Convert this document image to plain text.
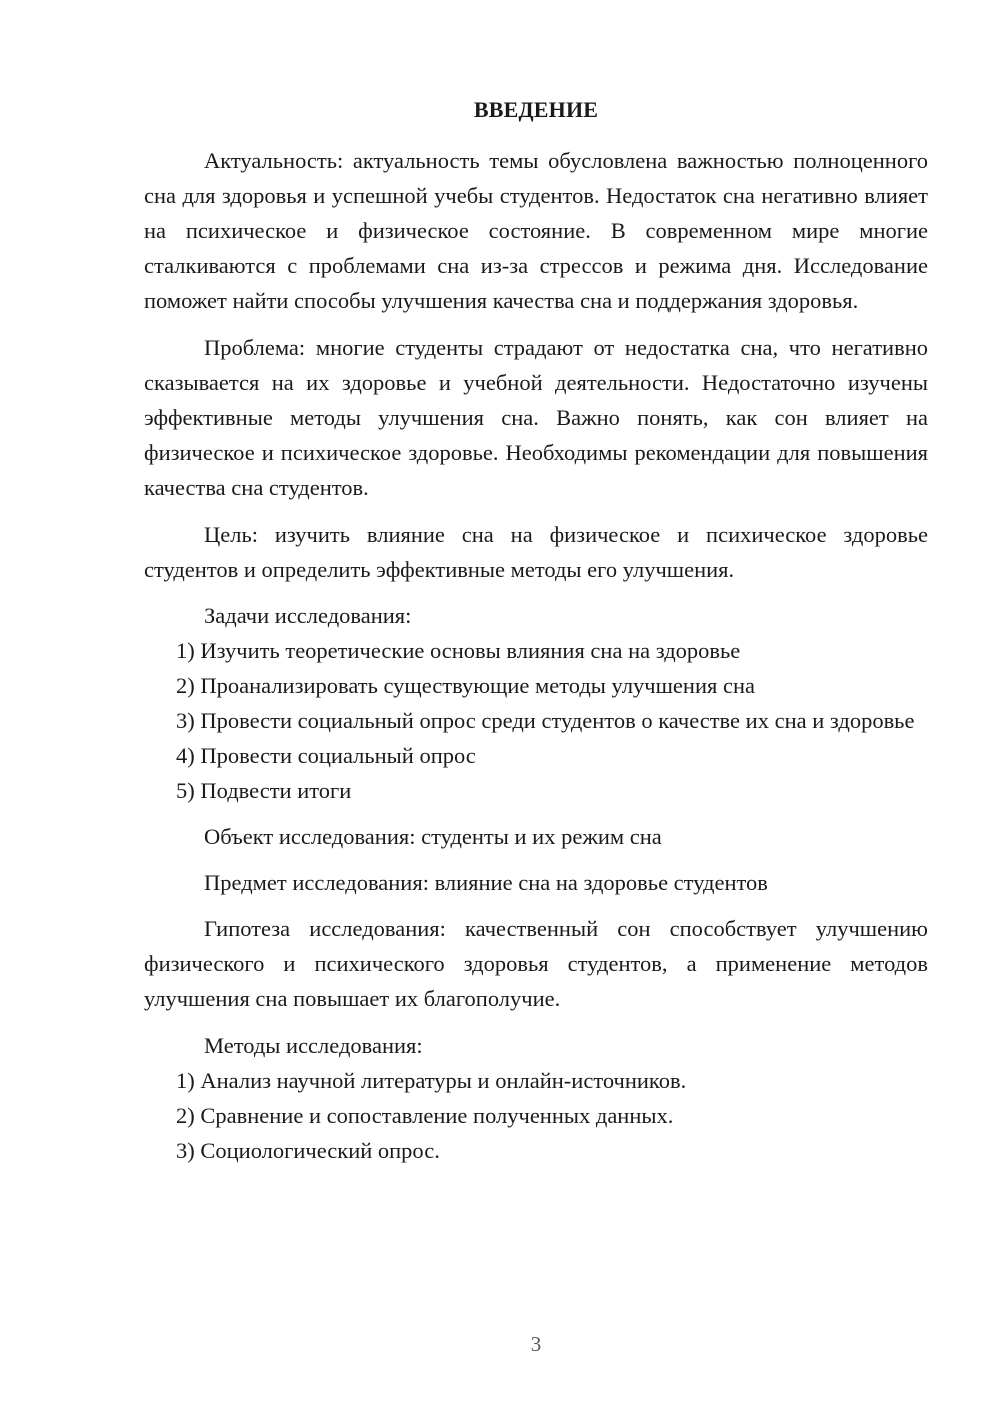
ВВЕДЕНИЕ

Актуальность: актуальность темы обусловлена важностью полноценного сна для здоровья и успешной учебы студентов. Недостаток сна негативно влияет на психическое и физическое состояние. В современном мире многие сталкиваются с проблемами сна из-за стрессов и режима дня. Исследование поможет найти способы улучшения качества сна и поддержания здоровья.

Проблема: многие студенты страдают от недостатка сна, что негативно сказывается на их здоровье и учебной деятельности. Недостаточно изучены эффективные методы улучшения сна. Важно понять, как сон влияет на физическое и психическое здоровье. Необходимы рекомендации для повышения качества сна студентов.

Цель: изучить влияние сна на физическое и психическое здоровье студентов и определить эффективные методы его улучшения.

Задачи исследования:

1) Изучить теоретические основы влияния сна на здоровье

2) Проанализировать существующие методы улучшения сна

3) Провести социальный опрос среди студентов о качестве их сна и здоровье

4) Провести социальный опрос

5) Подвести итоги

Объект исследования: студенты и их режим сна

Предмет исследования: влияние сна на здоровье студентов

Гипотеза исследования: качественный сон способствует улучшению физического и психического здоровья студентов, а применение методов улучшения сна повышает их благополучие.

Методы исследования:

1) Анализ научной литературы и онлайн-источников.

2) Сравнение и сопоставление полученных данных.

3) Социологический опрос.

3
